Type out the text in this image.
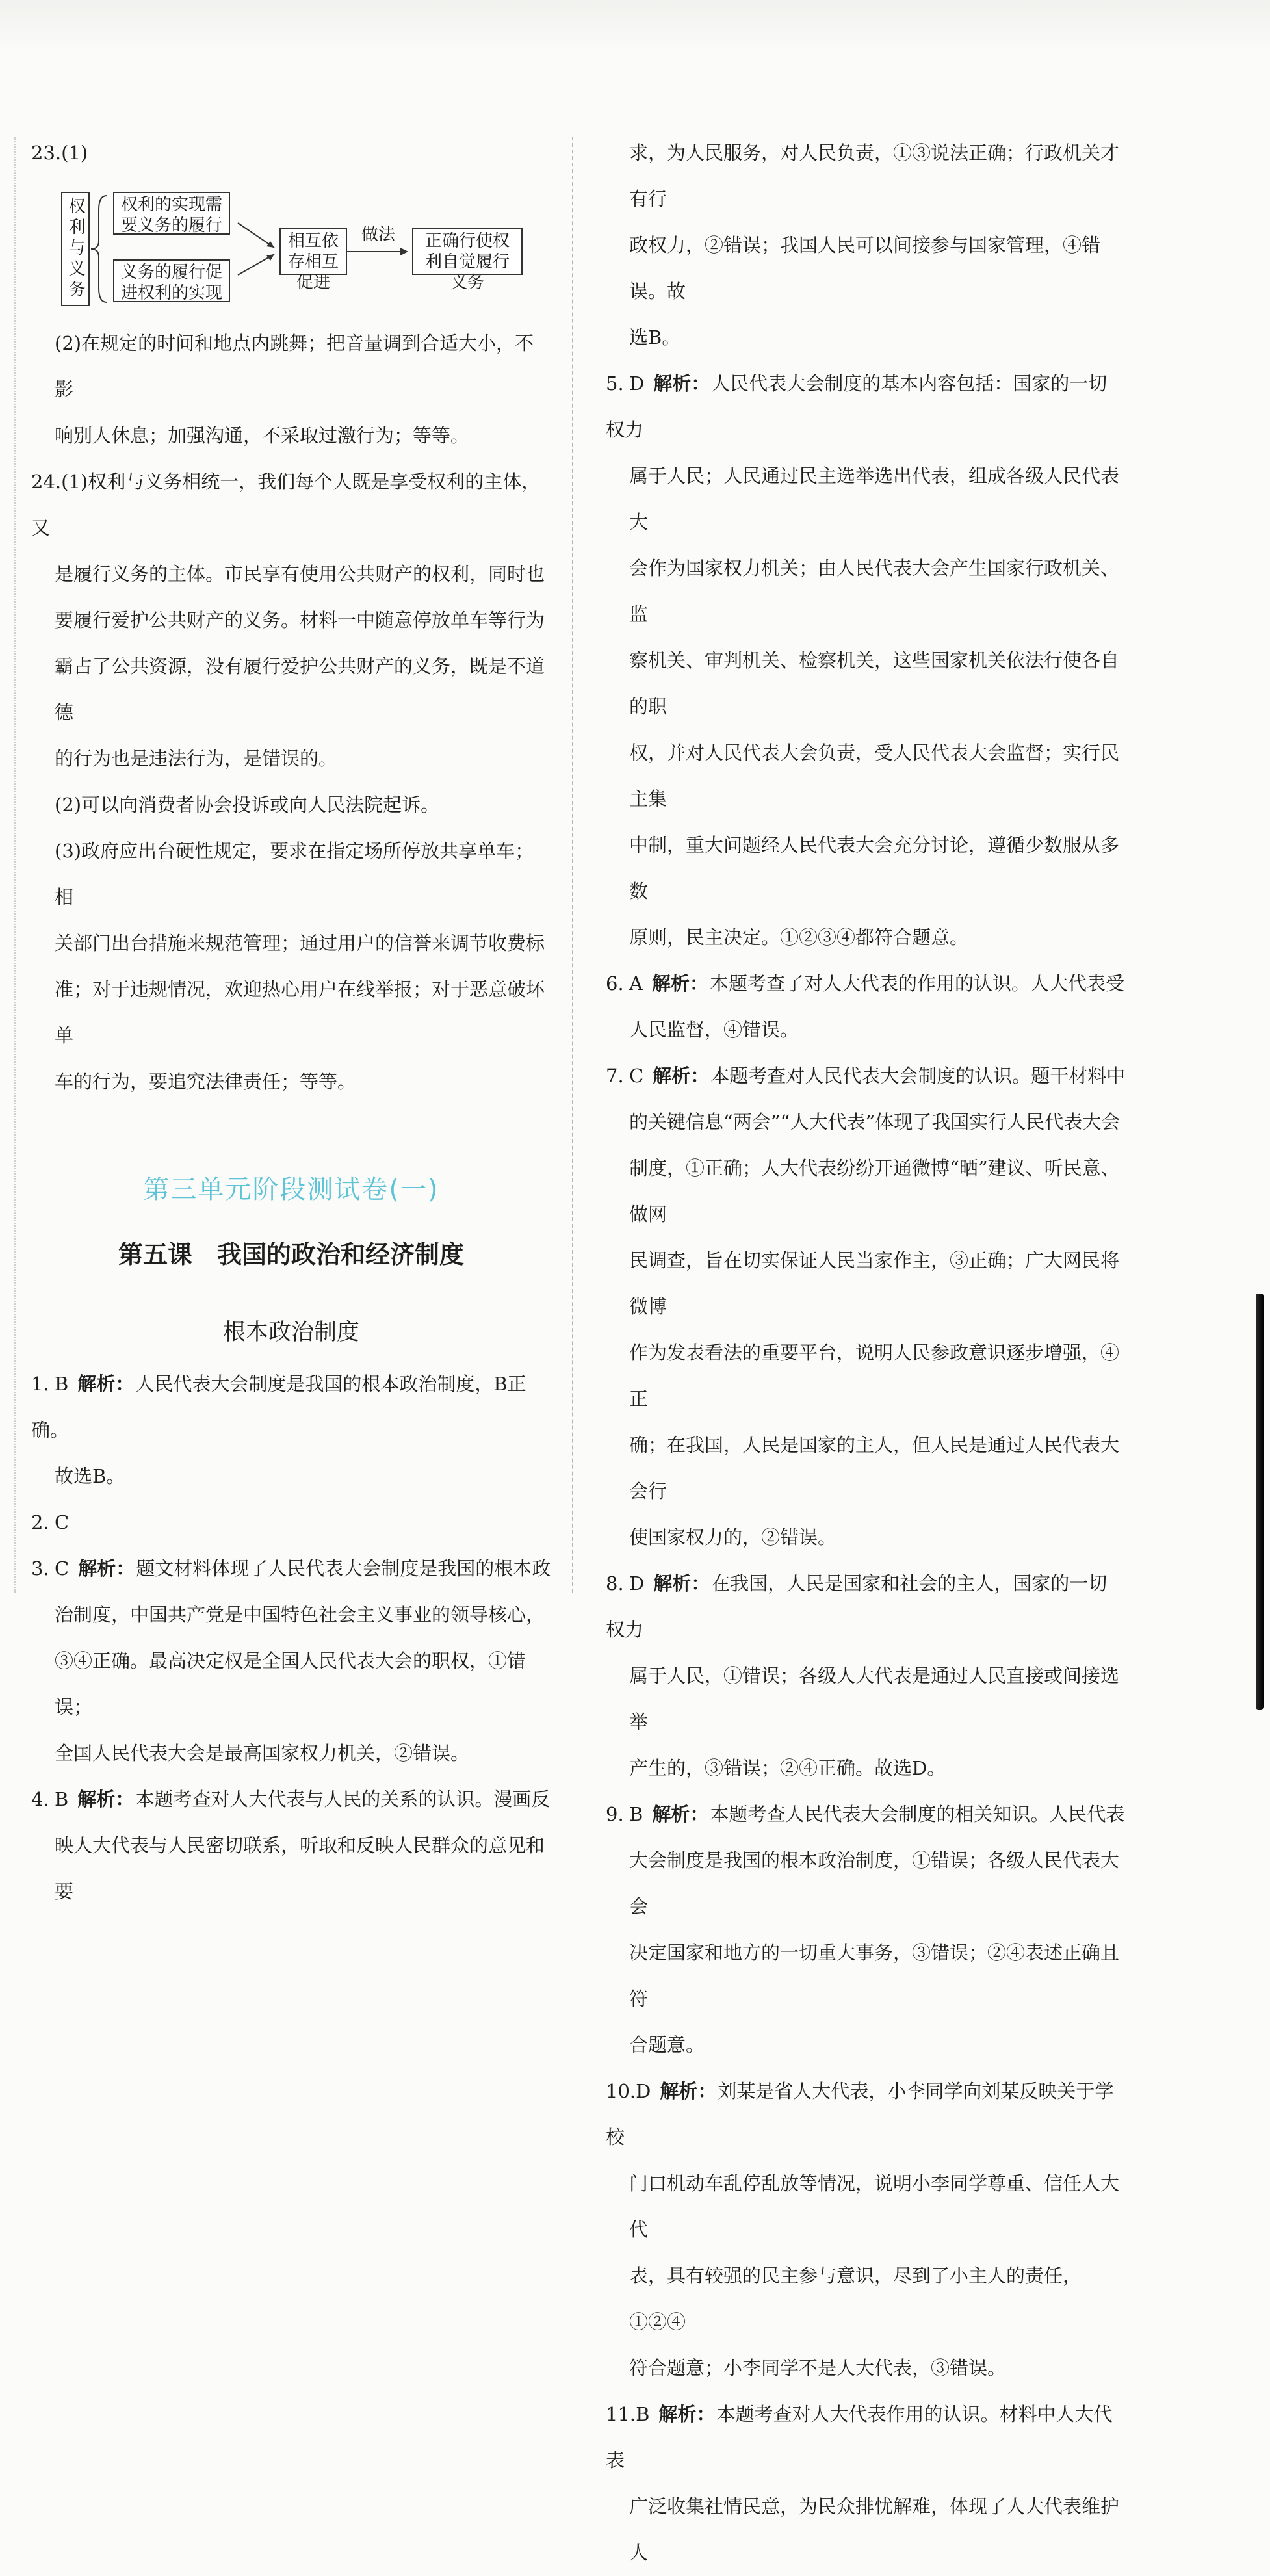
23.(1)

权利与义务	权利的实现需要义务的履行
义务的履行促进权利的实现
相互依存相互促进
做法	正确行使权利自觉履行义务

(2)在规定的时间和地点内跳舞；把音量调到合适大小，不影

响别人休息；加强沟通，不采取过激行为；等等。

24.(1)权利与义务相统一，我们每个人既是享受权利的主体，又

是履行义务的主体。市民享有使用公共财产的权利，同时也

要履行爱护公共财产的义务。材料一中随意停放单车等行为

霸占了公共资源，没有履行爱护公共财产的义务，既是不道德

的行为也是违法行为，是错误的。

(2)可以向消费者协会投诉或向人民法院起诉。

(3)政府应出台硬性规定，要求在指定场所停放共享单车；相

关部门出台措施来规范管理；通过用户的信誉来调节收费标

准；对于违规情况，欢迎热心用户在线举报；对于恶意破坏单

车的行为，要追究法律责任；等等。

第三单元阶段测试卷(一)
第五课　我国的政治和经济制度
根本政治制度

1. B 解析：人民代表大会制度是我国的根本政治制度，B正确。

故选B。

2. C

3. C 解析：题文材料体现了人民代表大会制度是我国的根本政

治制度，中国共产党是中国特色社会主义事业的领导核心，

③④正确。最高决定权是全国人民代表大会的职权，①错误；

全国人民代表大会是最高国家权力机关，②错误。

4. B 解析：本题考查对人大代表与人民的关系的认识。漫画反

映人大代表与人民密切联系，听取和反映人民群众的意见和要

求，为人民服务，对人民负责，①③说法正确；行政机关才有行

政权力，②错误；我国人民可以间接参与国家管理，④错误。故

选B。

5. D 解析：人民代表大会制度的基本内容包括：国家的一切权力

属于人民；人民通过民主选举选出代表，组成各级人民代表大

会作为国家权力机关；由人民代表大会产生国家行政机关、监

察机关、审判机关、检察机关，这些国家机关依法行使各自的职

权，并对人民代表大会负责，受人民代表大会监督；实行民主集

中制，重大问题经人民代表大会充分讨论，遵循少数服从多数

原则，民主决定。①②③④都符合题意。

6. A 解析：本题考查了对人大代表的作用的认识。人大代表受

人民监督，④错误。

7. C 解析：本题考查对人民代表大会制度的认识。题干材料中

的关键信息“两会”“人大代表”体现了我国实行人民代表大会

制度，①正确；人大代表纷纷开通微博“晒”建议、听民意、做网

民调查，旨在切实保证人民当家作主，③正确；广大网民将微博

作为发表看法的重要平台，说明人民参政意识逐步增强，④正

确；在我国，人民是国家的主人，但人民是通过人民代表大会行

使国家权力的，②错误。

8. D 解析：在我国，人民是国家和社会的主人，国家的一切权力

属于人民，①错误；各级人大代表是通过人民直接或间接选举

产生的，③错误；②④正确。故选D。

9. B 解析：本题考查人民代表大会制度的相关知识。人民代表

大会制度是我国的根本政治制度，①错误；各级人民代表大会

决定国家和地方的一切重大事务，③错误；②④表述正确且符

合题意。

10.D 解析：刘某是省人大代表，小李同学向刘某反映关于学校

门口机动车乱停乱放等情况，说明小李同学尊重、信任人大代

表，具有较强的民主参与意识，尽到了小主人的责任，①②④

符合题意；小李同学不是人大代表，③错误。

11.B 解析：本题考查对人大代表作用的认识。材料中人大代表

广泛收集社情民意，为民众排忧解难，体现了人大代表维护人
